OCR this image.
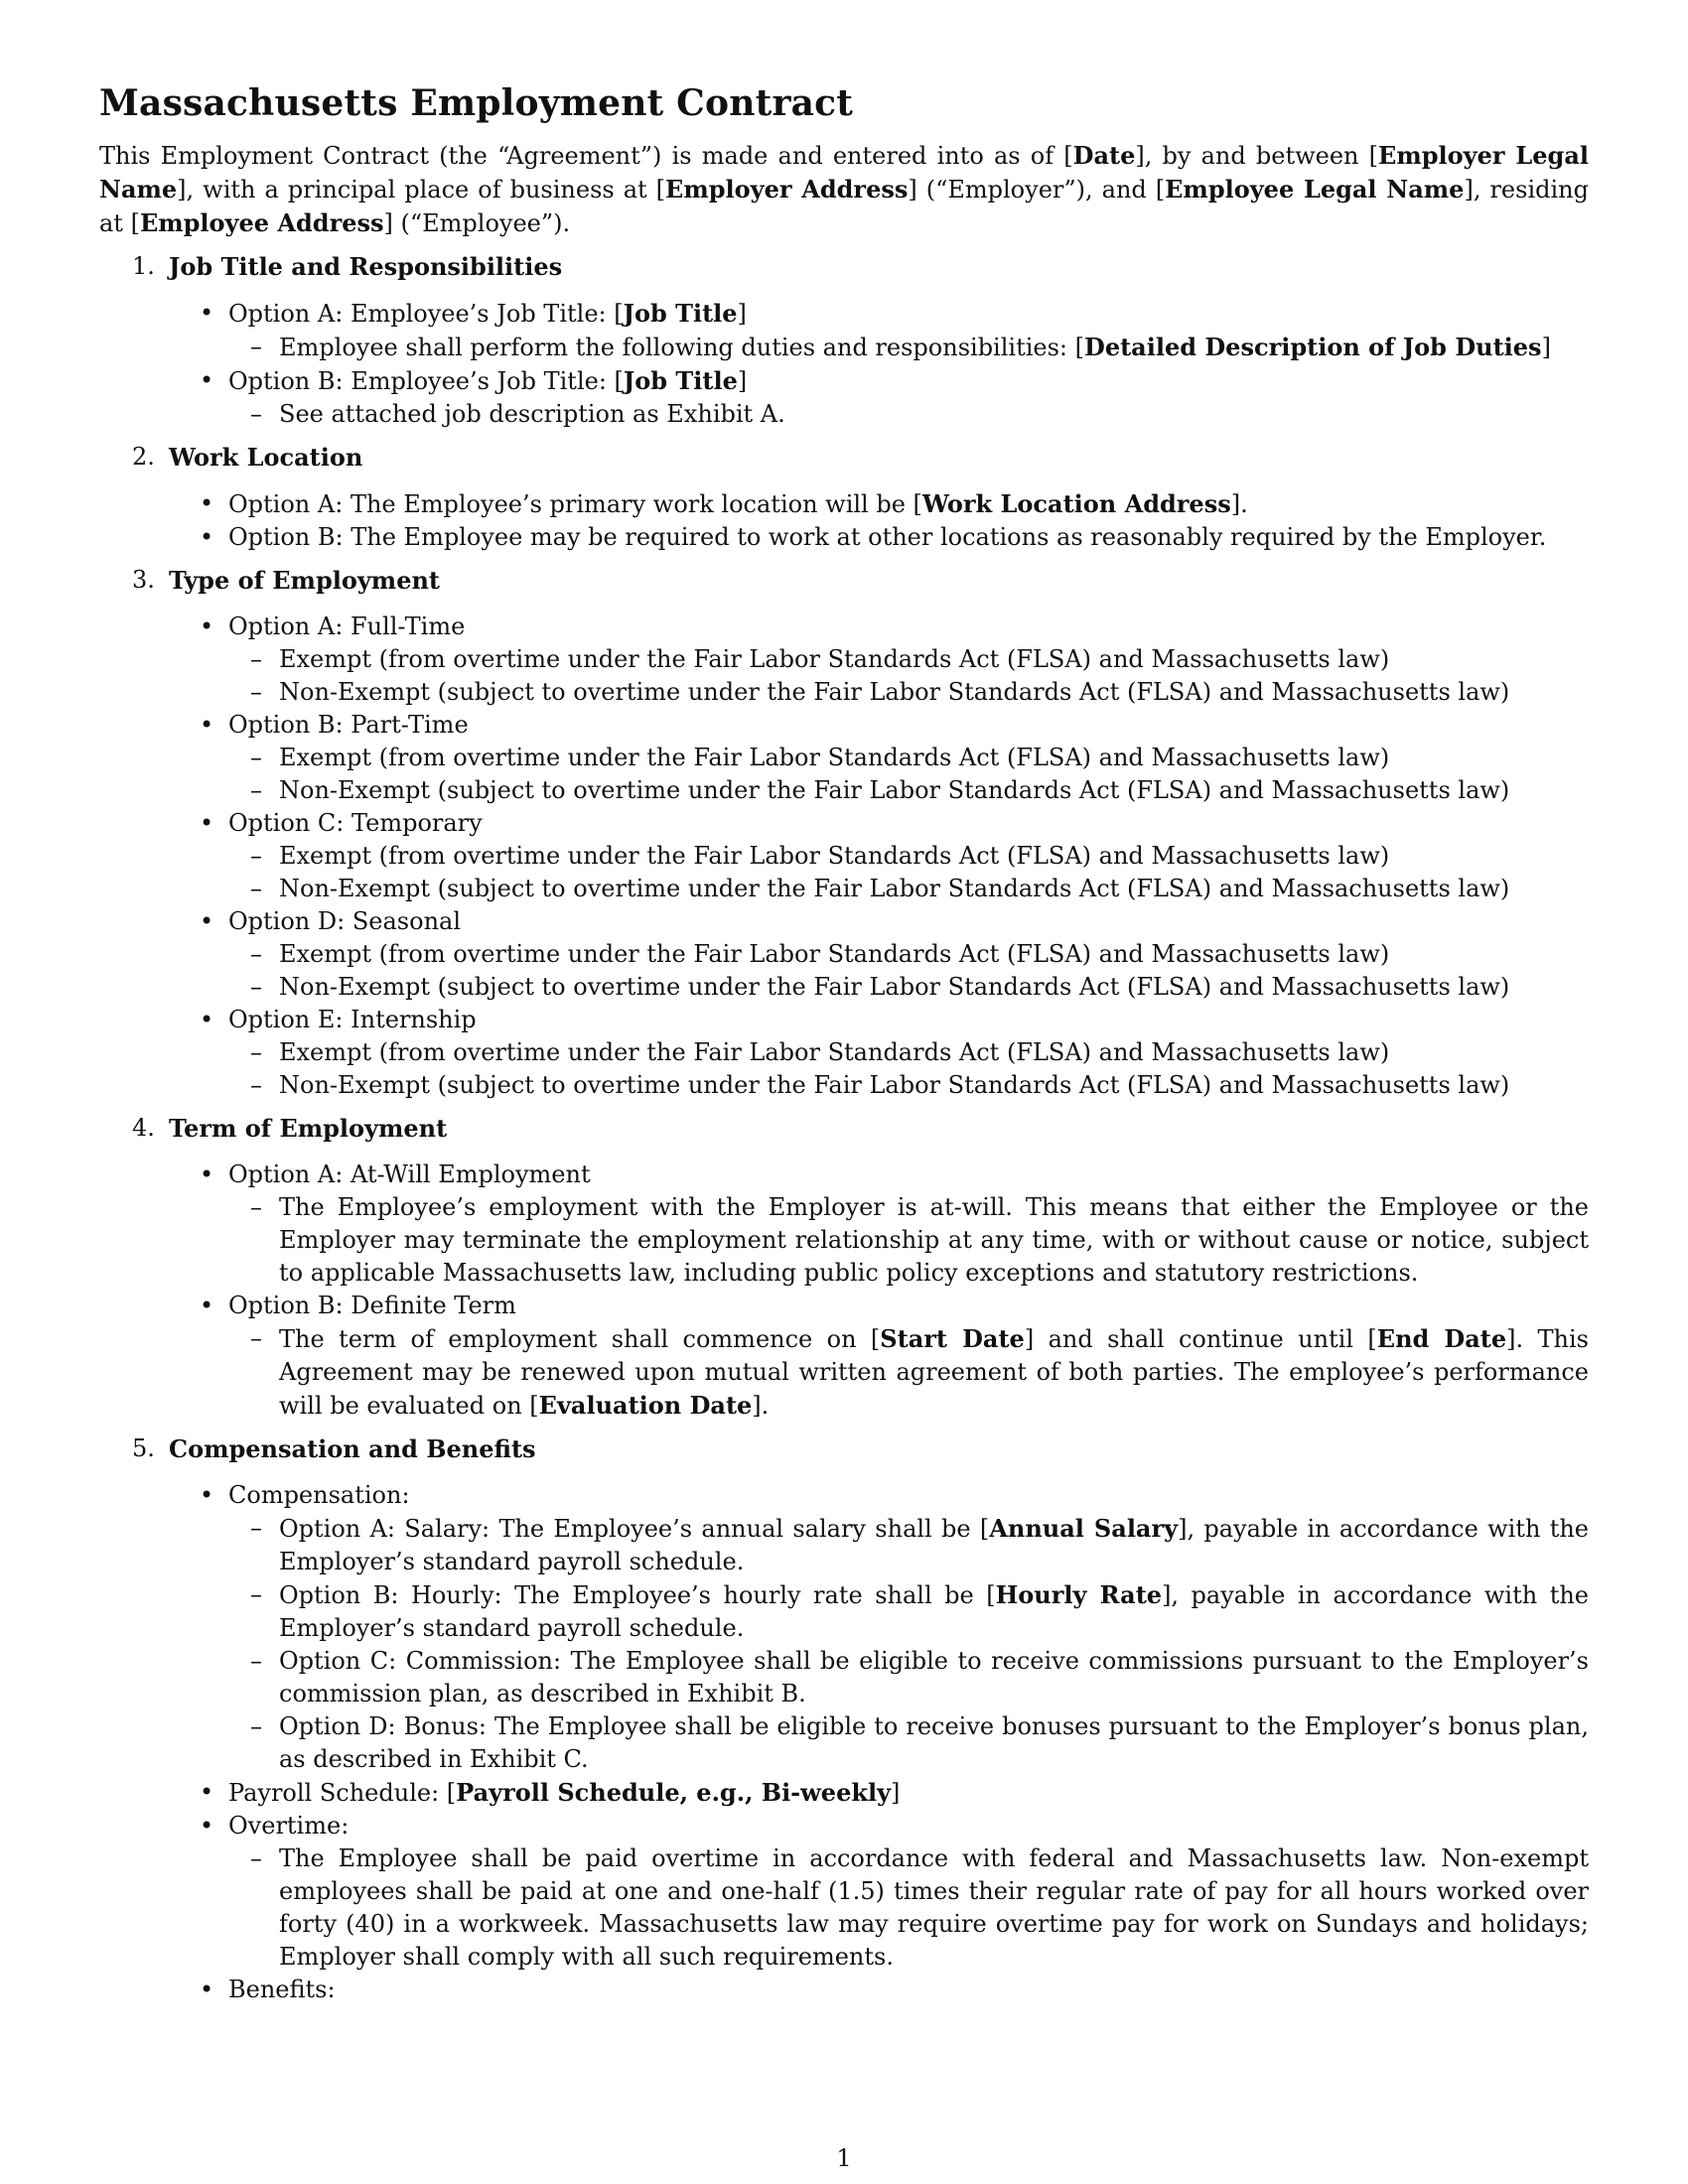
Massachusetts Employment Contract

This Employment Contract (the “Agreement”) is made and entered into as of [Date], by and between [Employer Legal Name], with a principal place of business at [Employer Address] (“Employer”), and [Employee Legal Name], residing at [Employee Address] (“Employee”).

1. Job Title and Responsibilities
• Option A: Employee’s Job Title: [Job Title]
– Employee shall perform the following duties and responsibilities: [Detailed Description of Job Duties]
• Option B: Employee’s Job Title: [Job Title]
– See attached job description as Exhibit A.
2. Work Location
• Option A: The Employee’s primary work location will be [Work Location Address].
• Option B: The Employee may be required to work at other locations as reasonably required by the Employer.
3. Type of Employment
• Option A: Full-Time
– Exempt (from overtime under the Fair Labor Standards Act (FLSA) and Massachusetts law)
– Non-Exempt (subject to overtime under the Fair Labor Standards Act (FLSA) and Massachusetts law)
• Option B: Part-Time
– Exempt (from overtime under the Fair Labor Standards Act (FLSA) and Massachusetts law)
– Non-Exempt (subject to overtime under the Fair Labor Standards Act (FLSA) and Massachusetts law)
• Option C: Temporary
– Exempt (from overtime under the Fair Labor Standards Act (FLSA) and Massachusetts law)
– Non-Exempt (subject to overtime under the Fair Labor Standards Act (FLSA) and Massachusetts law)
• Option D: Seasonal
– Exempt (from overtime under the Fair Labor Standards Act (FLSA) and Massachusetts law)
– Non-Exempt (subject to overtime under the Fair Labor Standards Act (FLSA) and Massachusetts law)
• Option E: Internship
– Exempt (from overtime under the Fair Labor Standards Act (FLSA) and Massachusetts law)
– Non-Exempt (subject to overtime under the Fair Labor Standards Act (FLSA) and Massachusetts law)
4. Term of Employment
• Option A: At-Will Employment
– The Employee’s employment with the Employer is at-will. This means that either the Employee or the Employer may terminate the employment relationship at any time, with or without cause or notice, subject to applicable Massachusetts law, including public policy exceptions and statutory restrictions.
• Option B: Definite Term
– The term of employment shall commence on [Start Date] and shall continue until [End Date]. This Agreement may be renewed upon mutual written agreement of both parties. The employee’s performance will be evaluated on [Evaluation Date].
5. Compensation and Benefits
• Compensation:
– Option A: Salary: The Employee’s annual salary shall be [Annual Salary], payable in accordance with the Employer’s standard payroll schedule.
– Option B: Hourly: The Employee’s hourly rate shall be [Hourly Rate], payable in accordance with the Employer’s standard payroll schedule.
– Option C: Commission: The Employee shall be eligible to receive commissions pursuant to the Employer’s commission plan, as described in Exhibit B.
– Option D: Bonus: The Employee shall be eligible to receive bonuses pursuant to the Employer’s bonus plan, as described in Exhibit C.
• Payroll Schedule: [Payroll Schedule, e.g., Bi-weekly]
• Overtime:
– The Employee shall be paid overtime in accordance with federal and Massachusetts law. Non-exempt employees shall be paid at one and one-half (1.5) times their regular rate of pay for all hours worked over forty (40) in a workweek. Massachusetts law may require overtime pay for work on Sundays and holidays; Employer shall comply with all such requirements.
• Benefits:
1
